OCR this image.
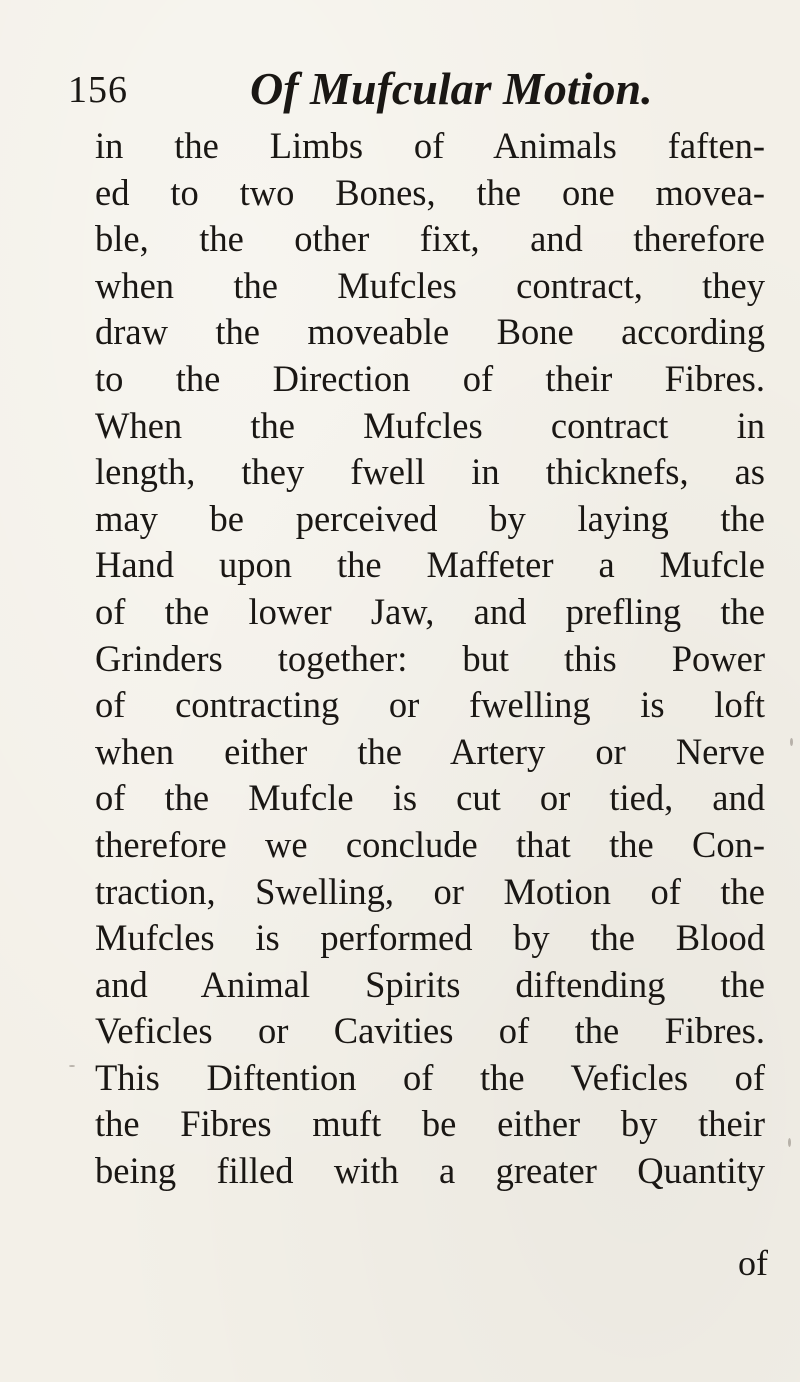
156	Of Mufcular Motion.
in the Limbs of Animals faften-
ed to two Bones, the one movea-
ble, the other fixt, and therefore
when the Mufcles contract, they
draw the moveable Bone according
to the Direction of their Fibres.
When the Mufcles contract in
length, they fwell in thicknefs, as
may be perceived by laying the
Hand upon the Maffeter a Mufcle
of the lower Jaw, and prefling the
Grinders together: but this Power
of contracting or fwelling is loft
when either the Artery or Nerve
of the Mufcle is cut or tied, and
therefore we conclude that the Con-
traction, Swelling, or Motion of the
Mufcles is performed by the Blood
and Animal Spirits diftending the
Veficles or Cavities of the Fibres.
This Diftention of the Veficles of
the Fibres muft be either by their
being filled with a greater Quantity
of
